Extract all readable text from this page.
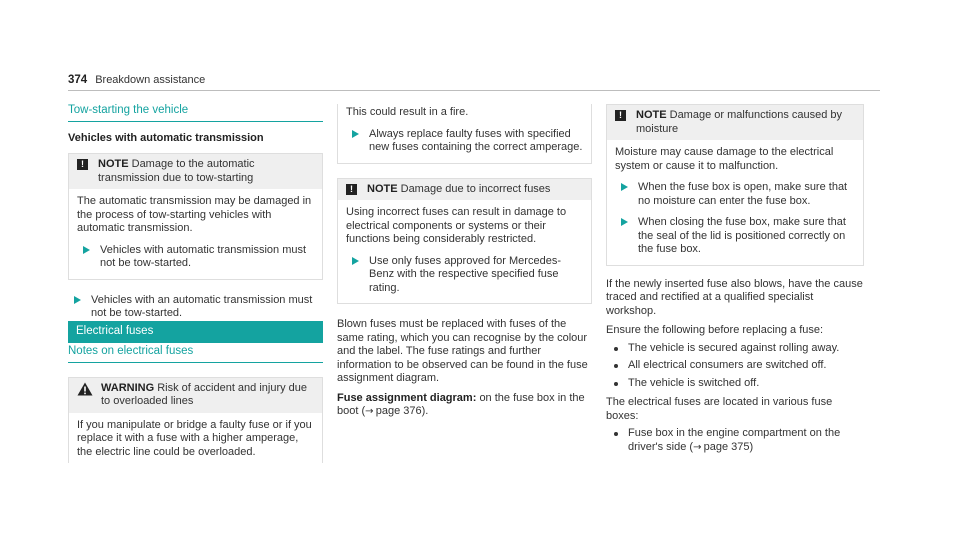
374 Breakdown assistance
Tow-starting the vehicle
Vehicles with automatic transmission
!	NOTE Damage to the automatic transmission due to tow-starting

The automatic transmission may be damaged in the process of tow-starting vehicles with automatic transmission.

Vehicles with automatic transmission must not be tow-started.
Vehicles with an automatic transmission must not be tow-started.
Electrical fuses
Notes on electrical fuses
WARNING Risk of accident and injury due to overloaded lines

If you manipulate or bridge a faulty fuse or if you replace it with a fuse with a higher amperage, the electric line could be overloaded.

This could result in a fire.

Always replace faulty fuses with specified new fuses containing the correct amperage.
!	NOTE Damage due to incorrect fuses

Using incorrect fuses can result in damage to electrical components or systems or their functions being considerably restricted.

Use only fuses approved for Mercedes-Benz with the respective specified fuse rating.

Blown fuses must be replaced with fuses of the same rating, which you can recognise by the colour and the label. The fuse ratings and further information to be observed can be found in the fuse assignment diagram.

Fuse assignment diagram: on the fuse box in the boot (→  page 376).

!	NOTE Damage or malfunctions caused by moisture

Moisture may cause damage to the electrical system or cause it to malfunction.

When the fuse box is open, make sure that no moisture can enter the fuse box.
When closing the fuse box, make sure that the seal of the lid is positioned correctly on the fuse box.

If the newly inserted fuse also blows, have the cause traced and rectified at a qualified specialist workshop.

Ensure the following before replacing a fuse:

The vehicle is secured against rolling away.
All electrical consumers are switched off.
The vehicle is switched off.

The electrical fuses are located in various fuse boxes:

Fuse box in the engine compartment on the driver's side (→  page 375)
